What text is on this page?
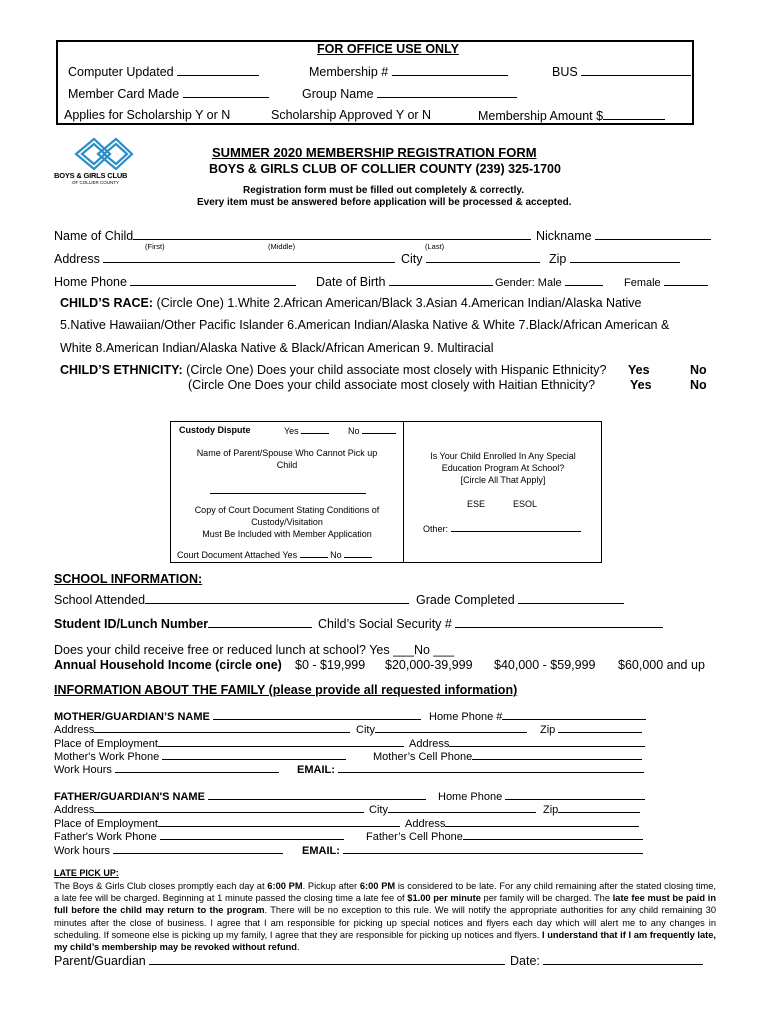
FOR OFFICE USE ONLY
Computer Updated	Membership #	BUS
Member Card Made	Group Name
Applies for Scholarship Y or N	Scholarship Approved Y or N	Membership Amount $
BOYS & GIRLS CLUB
OF COLLIER COUNTY
SUMMER 2020 MEMBERSHIP REGISTRATION FORM
BOYS & GIRLS CLUB OF COLLIER COUNTY (239) 325-1700
Registration form must be filled out completely & correctly.
Every item must be answered before application will be processed & accepted.
Name of Child	Nickname
(First)	(Middle)	(Last)
Address	City	Zip
Home Phone	Date of Birth	Gender: Male	Female
CHILD’S RACE: (Circle One) 1.White 2.African American/Black 3.Asian 4.American Indian/Alaska Native
5.Native Hawaiian/Other Pacific Islander 6.American Indian/Alaska Native & White 7.Black/African American &
White 8.American Indian/Alaska Native & Black/African American 9. Multiracial
CHILD’S ETHNICITY: (Circle One) Does your child associate most closely with Hispanic Ethnicity?
(Circle One Does your child associate most closely with Haitian Ethnicity?
Yes	No
Yes	No
Custody Dispute	Yes	No
Name of Parent/Spouse Who Cannot Pick up
Child
Copy of Court Document Stating Conditions of
Custody/Visitation
Must Be Included with Member Application
Court Document Attached Yes	No
Is Your Child Enrolled In Any Special
Education Program At School?
[Circle All That Apply]
ESE	ESOL
Other:
SCHOOL INFORMATION:
School Attended	Grade Completed
Student ID/Lunch Number	Child’s Social Security #
Does your child receive free or reduced lunch at school? Yes ___No ___
Annual Household Income (circle one) $0 - $19,999 $20,000-39,999 $40,000 - $59,999 $60,000 and up
INFORMATION ABOUT THE FAMILY (please provide all requested information)
MOTHER/GUARDIAN’S NAME	Home Phone #
Address	City	Zip
Place of Employment	Address
Mother's Work Phone	Mother’s Cell Phone
Work Hours	EMAIL:
FATHER/GUARDIAN'S NAME	Home Phone
Address	City	Zip
Place of Employment	Address
Father's Work Phone	Father’s Cell Phone
Work hours	EMAIL:
LATE PICK UP:
The Boys & Girls Club closes promptly each day at 6:00 PM. Pickup after 6:00 PM is considered to be late. For any child remaining after the stated closing time, a late fee will be charged. Beginning at 1 minute passed the closing time a late fee of $1.00 per minute per family will be charged. The late fee must be paid in full before the child may return to the program. There will be no exception to this rule. We will notify the appropriate authorities for any child remaining 30 minutes after the close of business. I agree that I am responsible for picking up special notices and flyers each day which will alert me to any changes in scheduling. If someone else is picking up my family, I agree that they are responsible for picking up notices and flyers. I understand that if I am frequently late, my child’s membership may be revoked without refund.
Parent/Guardian	Date:
